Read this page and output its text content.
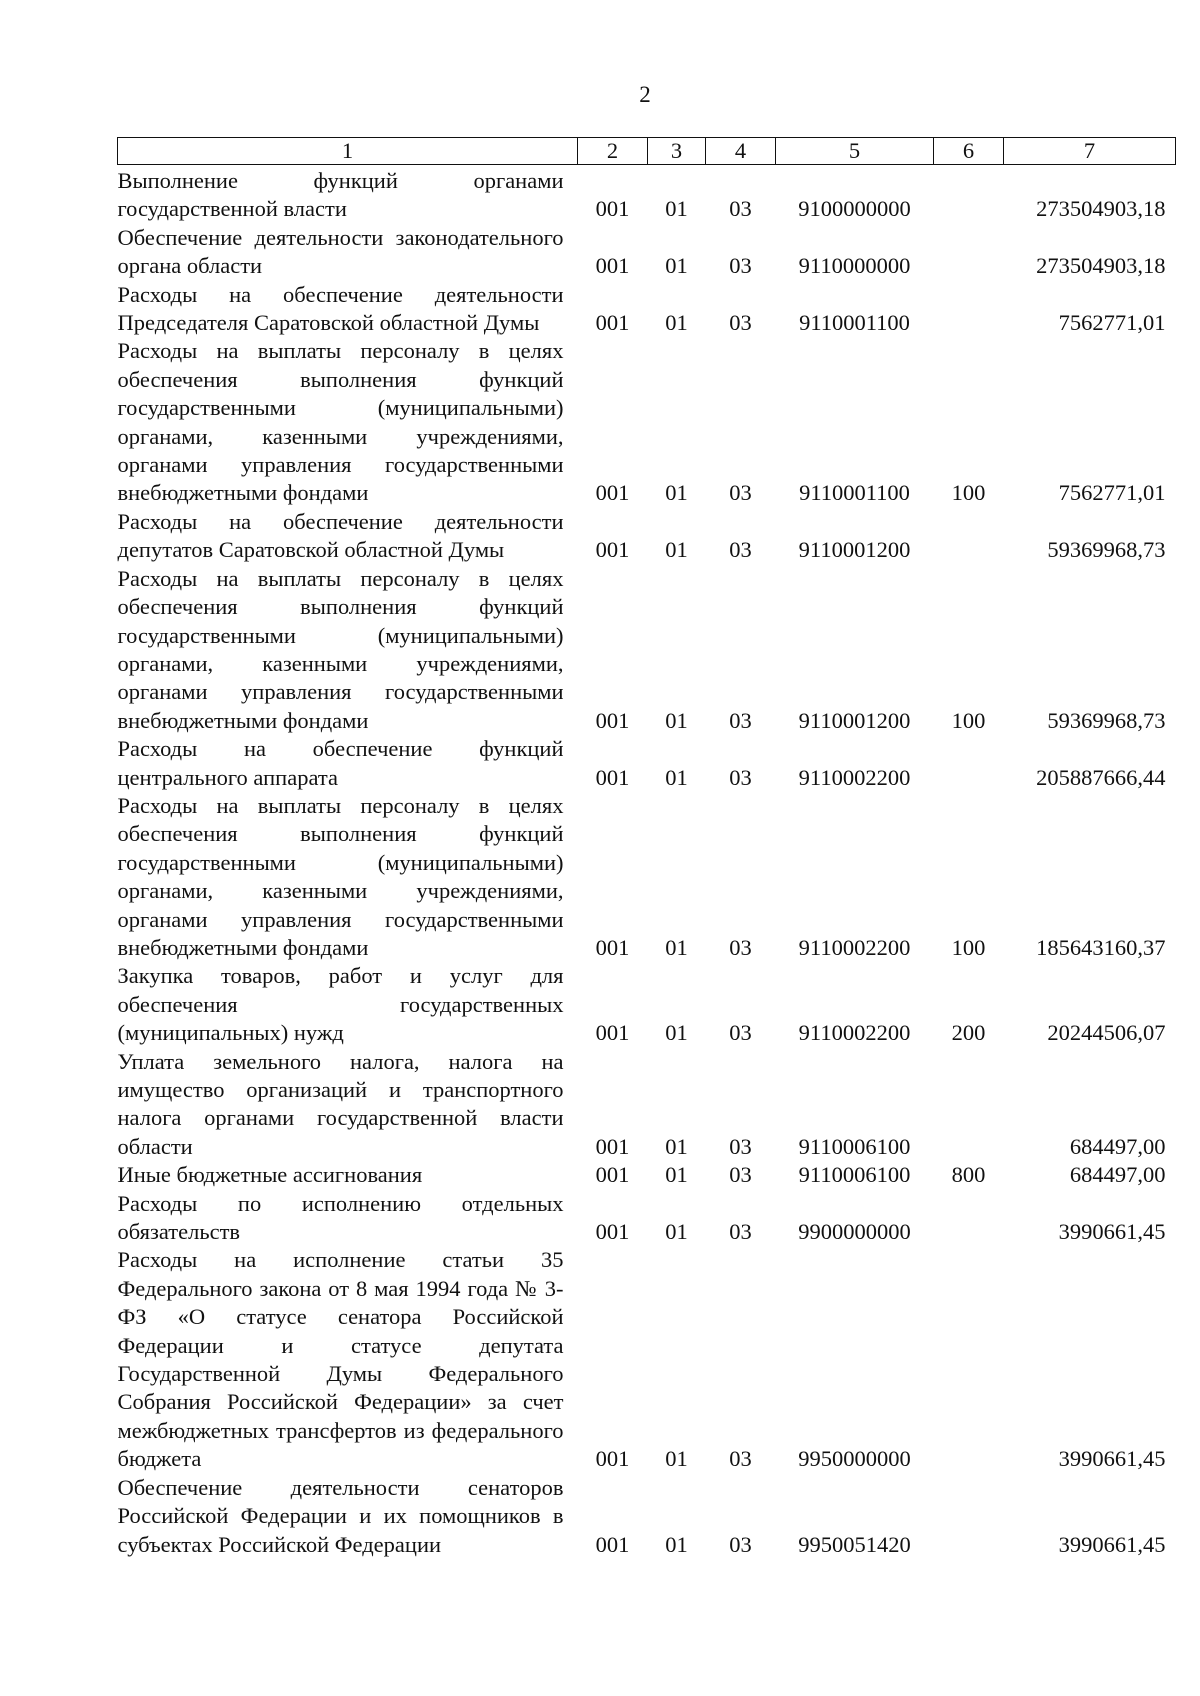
2
1	2	3	4	5	6	7

Выполнение функций органами государственной власти	001	01	03	9100000000		273504903,18

Обеспечение деятельности законодательного органа области	001	01	03	9110000000		273504903,18

Расходы на обеспечение деятельности Председателя Саратовской областной Думы	001	01	03	9110001100		7562771,01

Расходы на выплаты персоналу в целях обеспечения выполнения функций государственными (муниципальными) органами, казенными учреждениями, органами управления государственными внебюджетными фондами	001	01	03	9110001100	100	7562771,01

Расходы на обеспечение деятельности депутатов Саратовской областной Думы	001	01	03	9110001200		59369968,73

Расходы на выплаты персоналу в целях обеспечения выполнения функций государственными (муниципальными) органами, казенными учреждениями, органами управления государственными внебюджетными фондами	001	01	03	9110001200	100	59369968,73

Расходы на обеспечение функций центрального аппарата	001	01	03	9110002200		205887666,44

Расходы на выплаты персоналу в целях обеспечения выполнения функций государственными (муниципальными) органами, казенными учреждениями, органами управления государственными внебюджетными фондами	001	01	03	9110002200	100	185643160,37

Закупка товаров, работ и услуг для обеспечения государственных (муниципальных) нужд	001	01	03	9110002200	200	20244506,07

Уплата земельного налога, налога на имущество организаций и транспортного налога органами государственной власти области	001	01	03	9110006100		684497,00

Иные бюджетные ассигнования	001	01	03	9110006100	800	684497,00

Расходы по исполнению отдельных обязательств	001	01	03	9900000000		3990661,45

Расходы на исполнение статьи 35 Федерального закона от 8 мая 1994 года № 3-ФЗ «О статусе сенатора Российской Федерации и статусе депутата Государственной Думы Федерального Собрания Российской Федерации» за счет межбюджетных трансфертов из федерального бюджета	001	01	03	9950000000		3990661,45

Обеспечение деятельности сенаторов Российской Федерации и их помощников в субъектах Российской Федерации	001	01	03	9950051420		3990661,45
